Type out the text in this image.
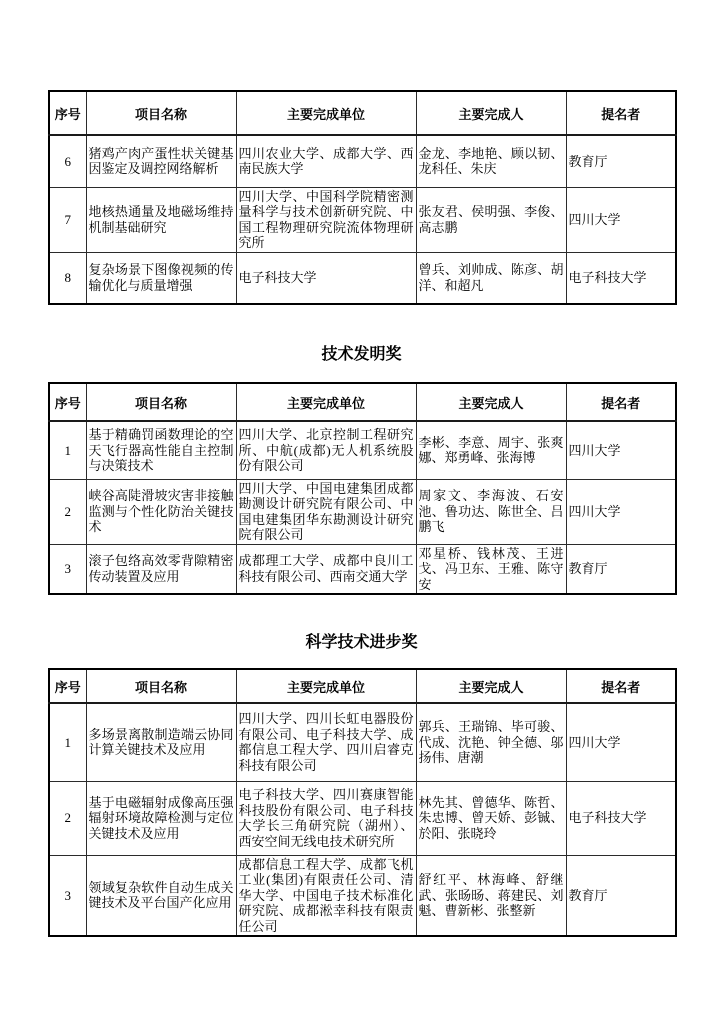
序号	项目名称	主要完成单位	主要完成人	提名者
6	猪鸡产肉产蛋性状关键基因鉴定及调控网络解析	四川农业大学、成都大学、西南民族大学	金龙、李地艳、顾以韧、龙科任、朱庆	教育厅
7	地核热通量及地磁场维持机制基础研究	四川大学、中国科学院精密测量科学与技术创新研究院、中国工程物理研究院流体物理研究所	张友君、侯明强、李俊、高志鹏	四川大学
8	复杂场景下图像视频的传输优化与质量增强	电子科技大学	曾兵、刘帅成、陈彦、胡洋、和超凡	电子科技大学
技术发明奖
序号	项目名称	主要完成单位	主要完成人	提名者
1	基于精确罚函数理论的空天飞行器高性能自主控制与决策技术	四川大学、北京控制工程研究所、中航(成都)无人机系统股份有限公司	李彬、李意、周宇、张爽娜、郑勇峰、张海博	四川大学
2	峡谷高陡滑坡灾害非接触监测与个性化防治关键技术	四川大学、中国电建集团成都勘测设计研究院有限公司、中国电建集团华东勘测设计研究院有限公司	周家文、李海波、石安池、鲁功达、陈世全、吕鹏飞	四川大学
3	滚子包络高效零背隙精密传动装置及应用	成都理工大学、成都中良川工科技有限公司、西南交通大学	邓星桥、钱林茂、王进戈、冯卫东、王雅、陈守安	教育厅
科学技术进步奖
序号	项目名称	主要完成单位	主要完成人	提名者
1	多场景离散制造端云协同计算关键技术及应用	四川大学、四川长虹电器股份有限公司、电子科技大学、成都信息工程大学、四川启睿克科技有限公司	郭兵、王瑞锦、毕可骏、代成、沈艳、钟全德、邬扬伟、唐潮	四川大学
2	基于电磁辐射成像高压强辐射环境故障检测与定位关键技术及应用	电子科技大学、四川赛康智能科技股份有限公司、电子科技大学长三角研究院（湖州）、西安空间无线电技术研究所	林先其、曾德华、陈哲、朱忠博、曾天娇、彭铖、於阳、张晓玲	电子科技大学
3	领域复杂软件自动生成关键技术及平台国产化应用	成都信息工程大学、成都飞机工业(集团)有限责任公司、清华大学、中国电子技术标准化研究院、成都淞幸科技有限责任公司	舒红平、林海峰、舒继武、张旸旸、蒋建民、刘魁、曹新彬、张整新	教育厅
